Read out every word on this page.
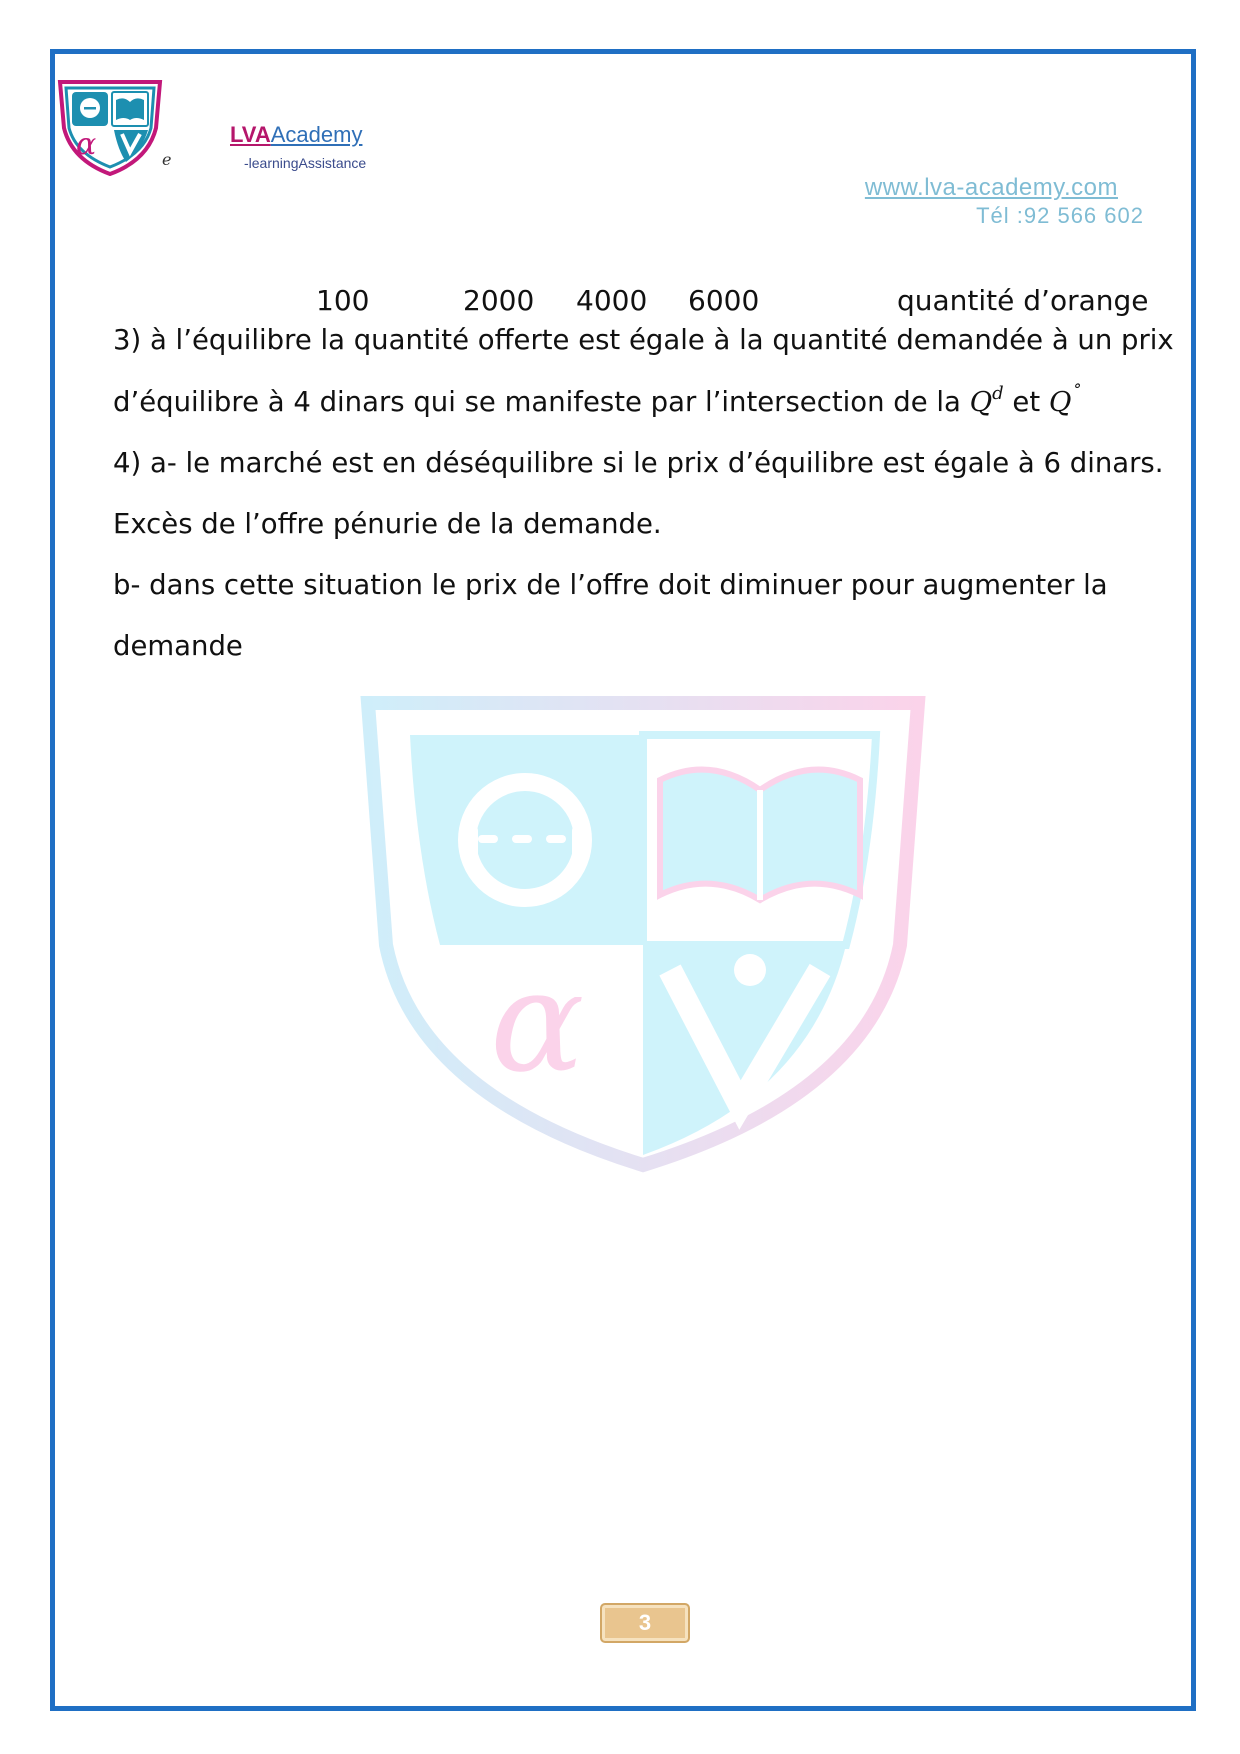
α	e
LVAAcademy
-learningAssistance
www.lva-academy.com
Tél :92 566 602
α
100	2000 4000 6000	quantité d’orange
3) à l’équilibre la quantité offerte est égale à la quantité demandée à un prix
d’équilibre à 4 dinars qui se manifeste par l’intersection de la $Q^d$ et Q˚
4) a- le marché est en déséquilibre si le prix d’équilibre est égale à 6 dinars.
Excès de l’offre pénurie de la demande.
b- dans cette situation le prix de l’offre doit diminuer pour augmenter la
demande
3
